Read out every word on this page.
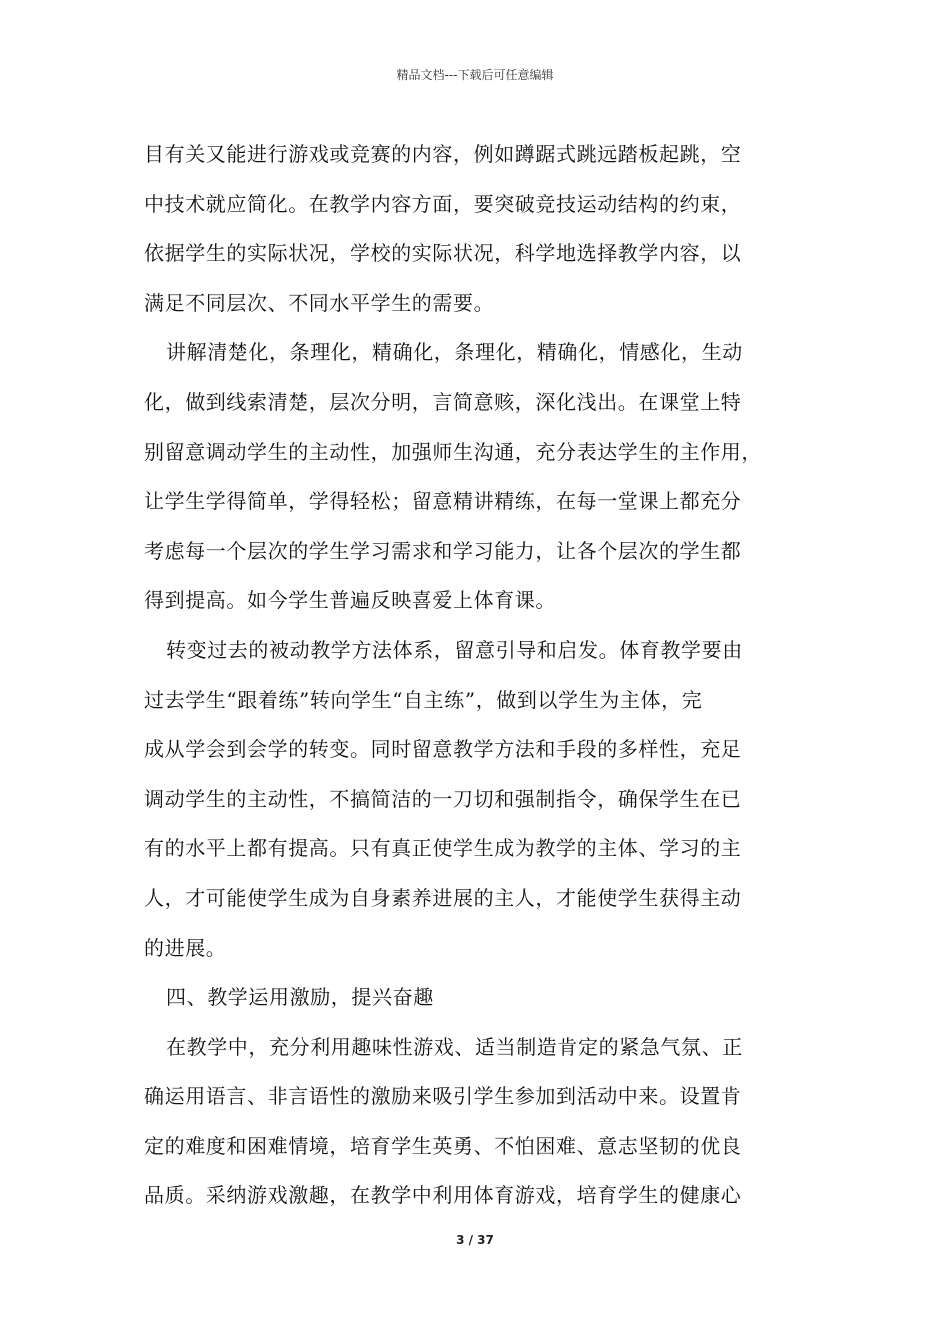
精品文档---下载后可任意编辑
目有关又能进行游戏或竞赛的内容，例如蹲踞式跳远踏板起跳，空
中技术就应简化。在教学内容方面，要突破竞技运动结构的约束，
依据学生的实际状况，学校的实际状况，科学地选择教学内容，以
满足不同层次、不同水平学生的需要。
讲解清楚化，条理化，精确化，条理化，精确化，情感化，生动
化，做到线索清楚，层次分明，言简意赅，深化浅出。在课堂上特
别留意调动学生的主动性，加强师生沟通，充分表达学生的主作用，
让学生学得简单，学得轻松；留意精讲精练，在每一堂课上都充分
考虑每一个层次的学生学习需求和学习能力，让各个层次的学生都
得到提高。如今学生普遍反映喜爱上体育课。
转变过去的被动教学方法体系，留意引导和启发。体育教学要由
过去学生“跟着练”转向学生“自主练”，做到以学生为主体，完
成从学会到会学的转变。同时留意教学方法和手段的多样性，充足
调动学生的主动性，不搞简洁的一刀切和强制指令，确保学生在已
有的水平上都有提高。只有真正使学生成为教学的主体、学习的主
人，才可能使学生成为自身素养进展的主人，才能使学生获得主动
的进展。
四、教学运用激励，提兴奋趣
在教学中，充分利用趣味性游戏、适当制造肯定的紧急气氛、正
确运用语言、非言语性的激励来吸引学生参加到活动中来。设置肯
定的难度和困难情境，培育学生英勇、不怕困难、意志坚韧的优良
品质。采纳游戏激趣，在教学中利用体育游戏，培育学生的健康心
3 / 37
